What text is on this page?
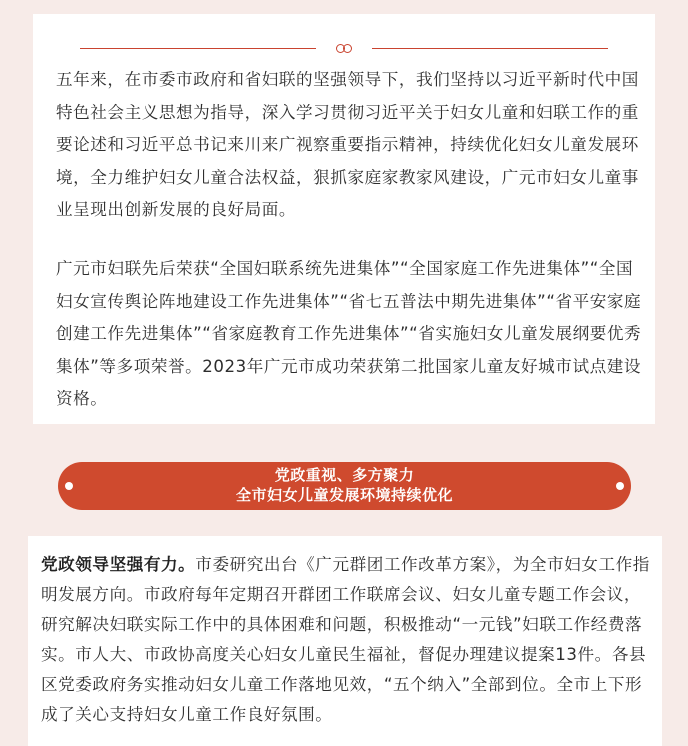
五年来，在市委市政府和省妇联的坚强领导下，我们坚持以习近平新时代中国特色社会主义思想为指导，深入学习贯彻习近平关于妇女儿童和妇联工作的重要论述和习近平总书记来川来广视察重要指示精神，持续优化妇女儿童发展环境，全力维护妇女儿童合法权益，狠抓家庭家教家风建设，广元市妇女儿童事业呈现出创新发展的良好局面。

广元市妇联先后荣获“全国妇联系统先进集体”“全国家庭工作先进集体”“全国妇女宣传舆论阵地建设工作先进集体”“省七五普法中期先进集体”“省平安家庭创建工作先进集体”“省家庭教育工作先进集体”“省实施妇女儿童发展纲要优秀集体”等多项荣誉。2023年广元市成功荣获第二批国家儿童友好城市试点建设资格。

党政重视、多方聚力
全市妇女儿童发展环境持续优化

党政领导坚强有力。市委研究出台《广元群团工作改革方案》，为全市妇女工作指明发展方向。市政府每年定期召开群团工作联席会议、妇女儿童专题工作会议，研究解决妇联实际工作中的具体困难和问题，积极推动“一元钱”妇联工作经费落实。市人大、市政协高度关心妇女儿童民生福祉，督促办理建议提案13件。各县区党委政府务实推动妇女儿童工作落地见效，“五个纳入”全部到位。全市上下形成了关心支持妇女儿童工作良好氛围。
